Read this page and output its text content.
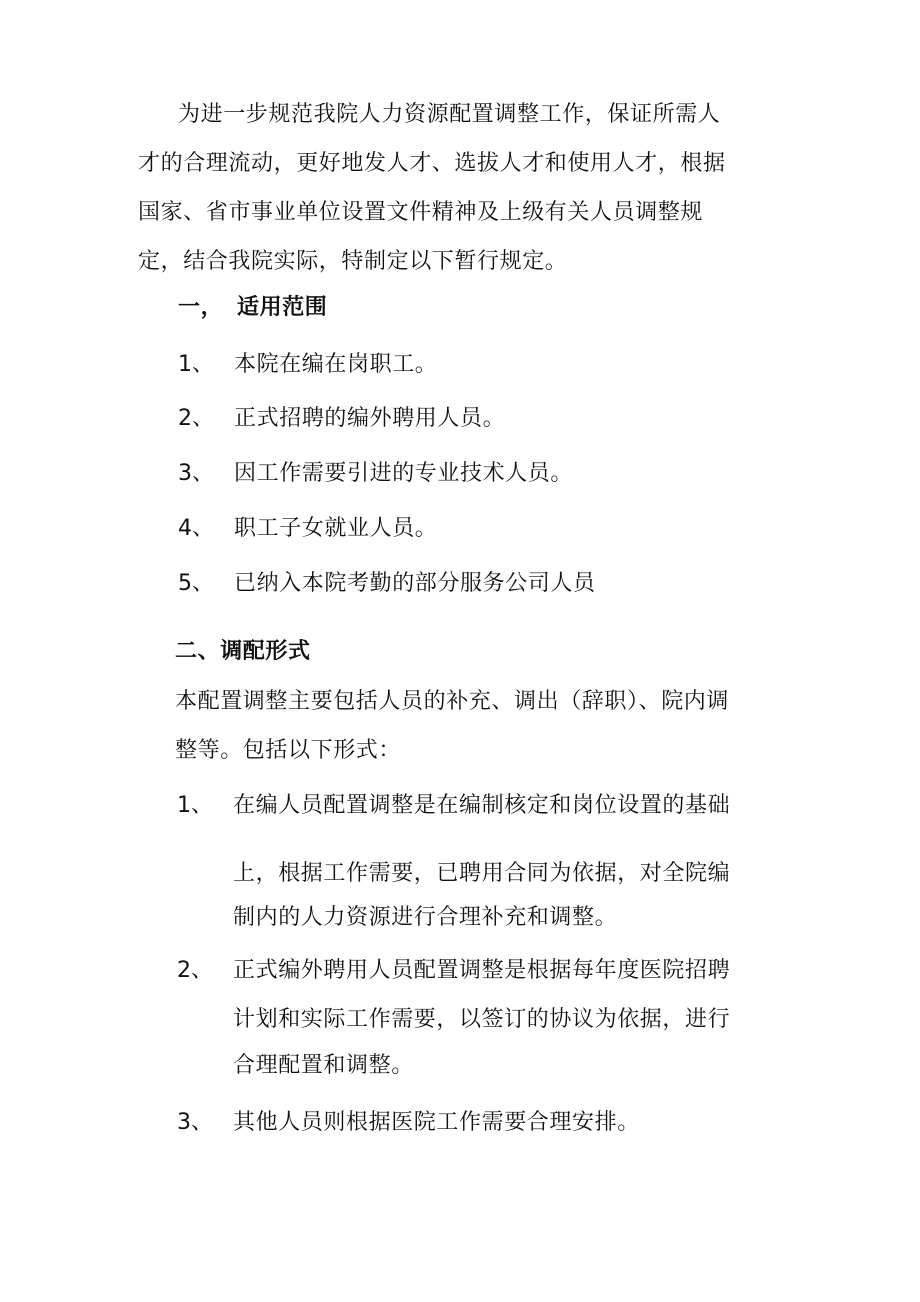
为进一步规范我院人力资源配置调整工作，保证所需人
才的合理流动，更好地发人才、选拔人才和使用人才，根据
国家、省市事业单位设置文件精神及上级有关人员调整规
定，结合我院实际，特制定以下暂行规定。
一， 适用范围
1、 本院在编在岗职工。
2、 正式招聘的编外聘用人员。
3、 因工作需要引进的专业技术人员。
4、 职工子女就业人员。
5、 已纳入本院考勤的部分服务公司人员
二、调配形式
本配置调整主要包括人员的补充、调出（辞职）、院内调
整等。包括以下形式：
1、 在编人员配置调整是在编制核定和岗位设置的基础
上，根据工作需要，已聘用合同为依据，对全院编
制内的人力资源进行合理补充和调整。
2、 正式编外聘用人员配置调整是根据每年度医院招聘
计划和实际工作需要，以签订的协议为依据，进行
合理配置和调整。
3、 其他人员则根据医院工作需要合理安排。
